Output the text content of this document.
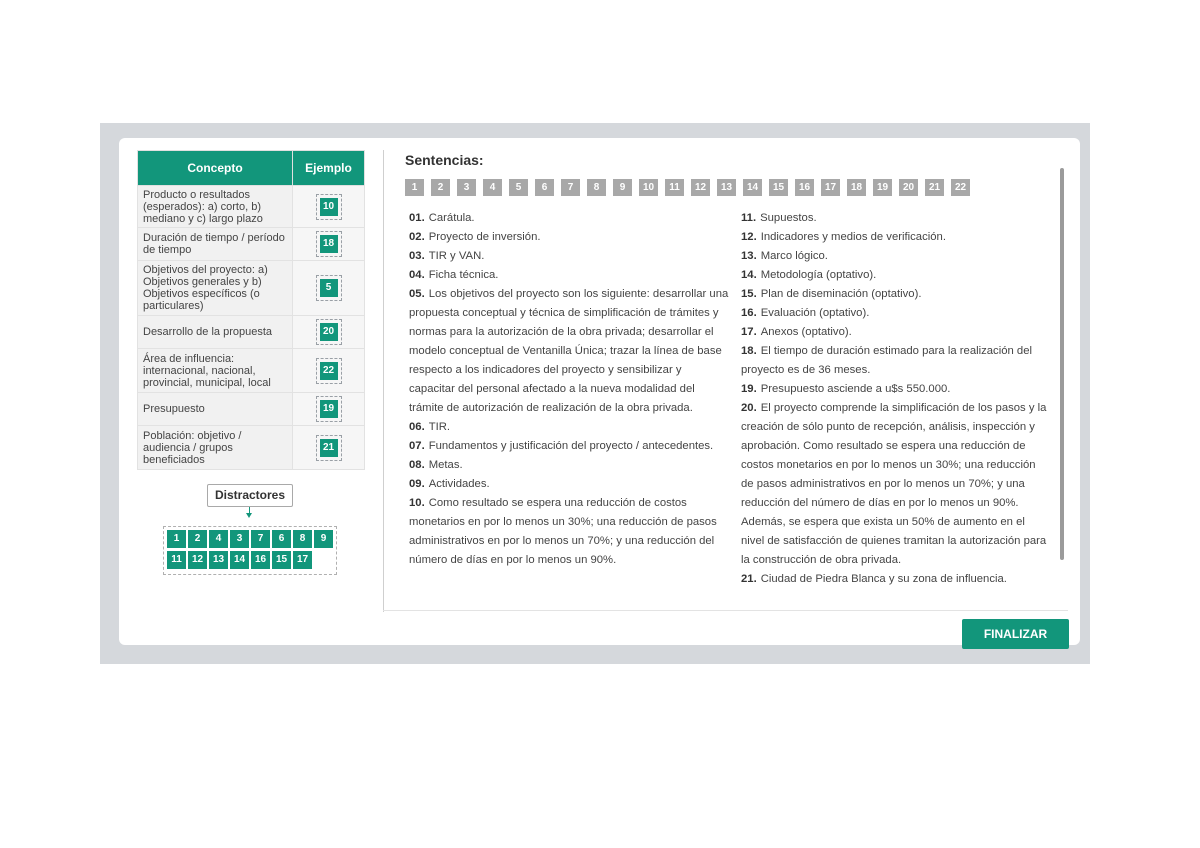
Concepto	Ejemplo
Producto o resultados (esperados): a) corto, b) mediano y c) largo plazo	10

Duración de tiempo / período de tiempo	18

Objetivos del proyecto: a) Objetivos generales y b) Objetivos específicos (o particulares)	5

Desarrollo de la propuesta	20

Área de influencia: internacional, nacional, provincial, municipal, local	22

Presupuesto	19

Población: objetivo / audiencia / grupos beneficiados	21
Distractores
1	2	4	3	7	6	8	9
11	12 13 14 16 15 17
Sentencias:
1	2	3	4	5	6	7	8	9	10	11	12	13	14	15	16	17	18	19	20	21	22

01. Carátula.

02. Proyecto de inversión.

03. TIR y VAN.

04. Ficha técnica.

05. Los objetivos del proyecto son los siguiente: desarrollar una propuesta conceptual y técnica de simplificación de trámites y normas para la autorización de la obra privada; desarrollar el modelo conceptual de Ventanilla Única; trazar la línea de base respecto a los indicadores del proyecto y sensibilizar y capacitar del personal afectado a la nueva modalidad del trámite de autorización de realización de la obra privada.

06. TIR.

07. Fundamentos y justificación del proyecto / antecedentes.

08. Metas.

09. Actividades.

10. Como resultado se espera una reducción de costos monetarios en por lo menos un 30%; una reducción de pasos administrativos en por lo menos un 70%; y una reducción del número de días en por lo menos un 90%.

11. Supuestos.

12. Indicadores y medios de verificación.

13. Marco lógico.

14. Metodología (optativo).

15. Plan de diseminación (optativo).

16. Evaluación (optativo).

17. Anexos (optativo).

18. El tiempo de duración estimado para la realización del proyecto es de 36 meses.

19. Presupuesto asciende a u$s 550.000.

20. El proyecto comprende la simplificación de los pasos y la creación de sólo punto de recepción, análisis, inspección y aprobación. Como resultado se espera una reducción de costos monetarios en por lo menos un 30%; una reducción de pasos administrativos en por lo menos un 70%; y una reducción del número de días en por lo menos un 90%. Además, se espera que exista un 50% de aumento en el nivel de satisfacción de quienes tramitan la autorización para la construcción de obra privada.

21. Ciudad de Piedra Blanca y su zona de influencia.

FINALIZAR
